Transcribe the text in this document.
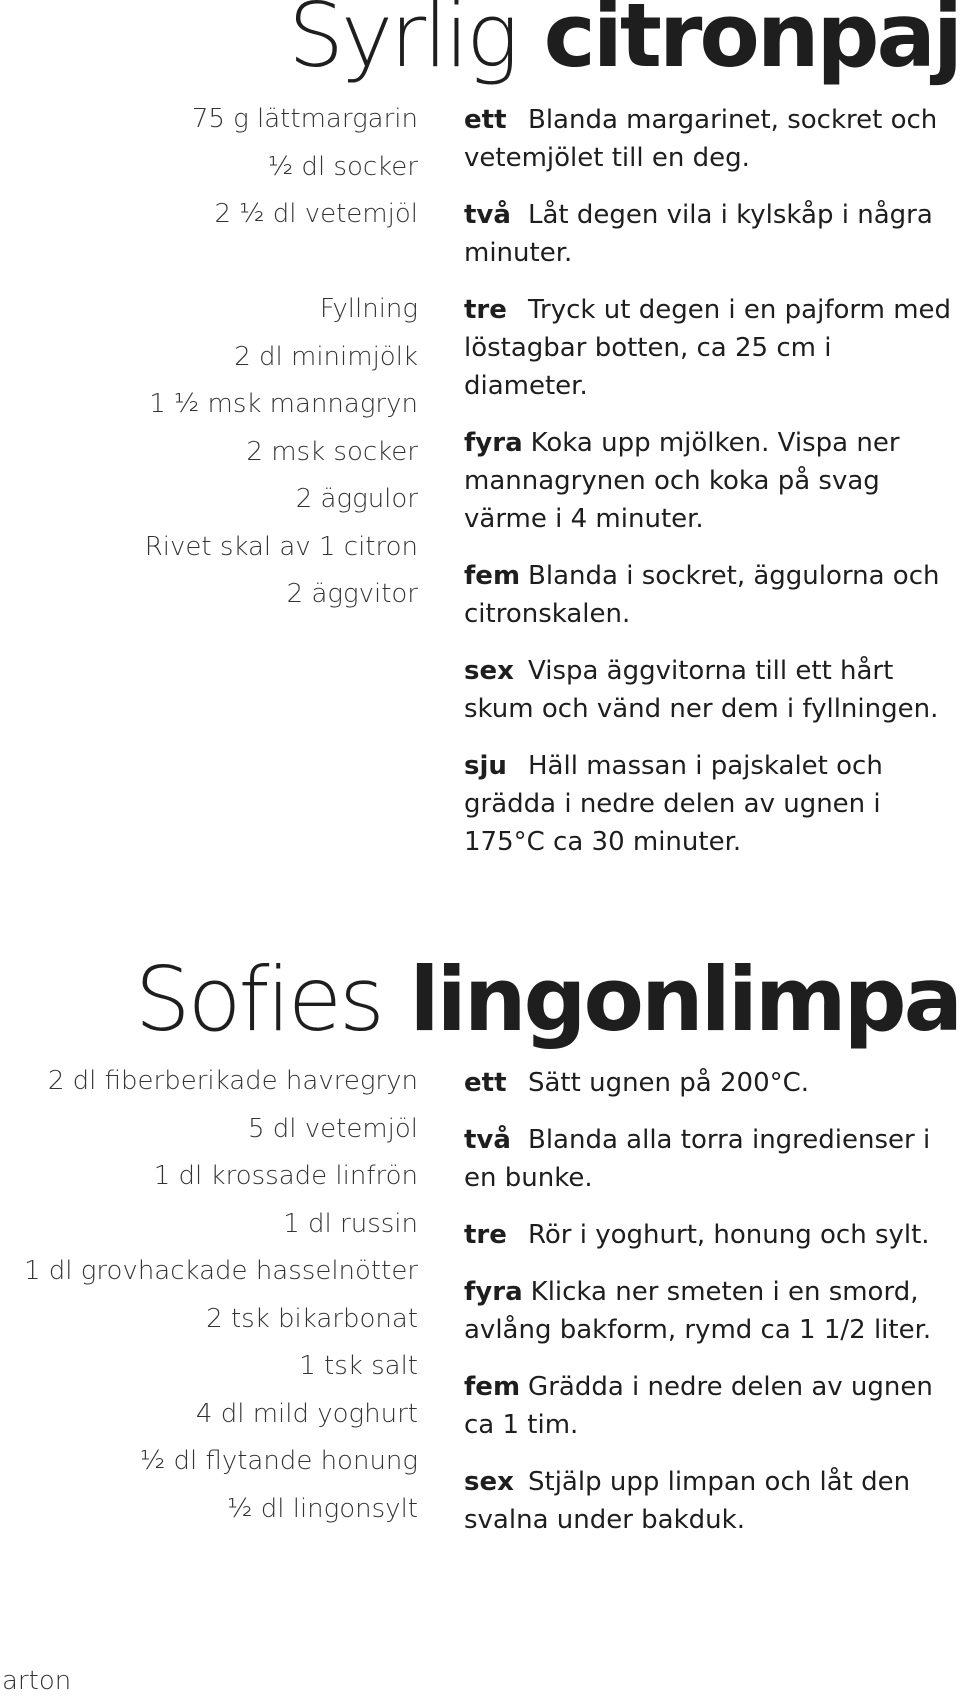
Syrlig citronpaj
75 g lättmargarin
½ dl socker
2 ½ dl vetemjöl
Fyllning
2 dl minimjölk
1 ½ msk mannagryn
2 msk socker
2 äggulor
Rivet skal av 1 citron
2 äggvitor
ett Blanda margarinet, sockret och vetemjölet till en deg.
två Låt degen vila i kylskåp i några minuter.
tre Tryck ut degen i en pajform med löstagbar botten, ca 25 cm i diameter.
fyra Koka upp mjölken. Vispa ner mannagrynen och koka på svag värme i 4 minuter.
fem Blanda i sockret, äggulorna och citronskalen.
sex Vispa äggvitorna till ett hårt skum och vänd ner dem i fyllningen.
sju Häll massan i pajskalet och grädda i nedre delen av ugnen i 175°C ca 30 minuter.
Sofies lingonlimpa
2 dl fiberberikade havregryn
5 dl vetemjöl
1 dl krossade linfrön
1 dl russin
1 dl grovhackade hasselnötter
2 tsk bikarbonat
1 tsk salt
4 dl mild yoghurt
½ dl flytande honung
½ dl lingonsylt
ett Sätt ugnen på 200°C.
två Blanda alla torra ingredienser i en bunke.
tre Rör i yoghurt, honung och sylt.
fyra Klicka ner smeten i en smord, avlång bakform, rymd ca 1 1/2 liter.
fem Grädda i nedre delen av ugnen ca 1 tim.
sex Stjälp upp limpan och låt den svalna under bakduk.

arton
